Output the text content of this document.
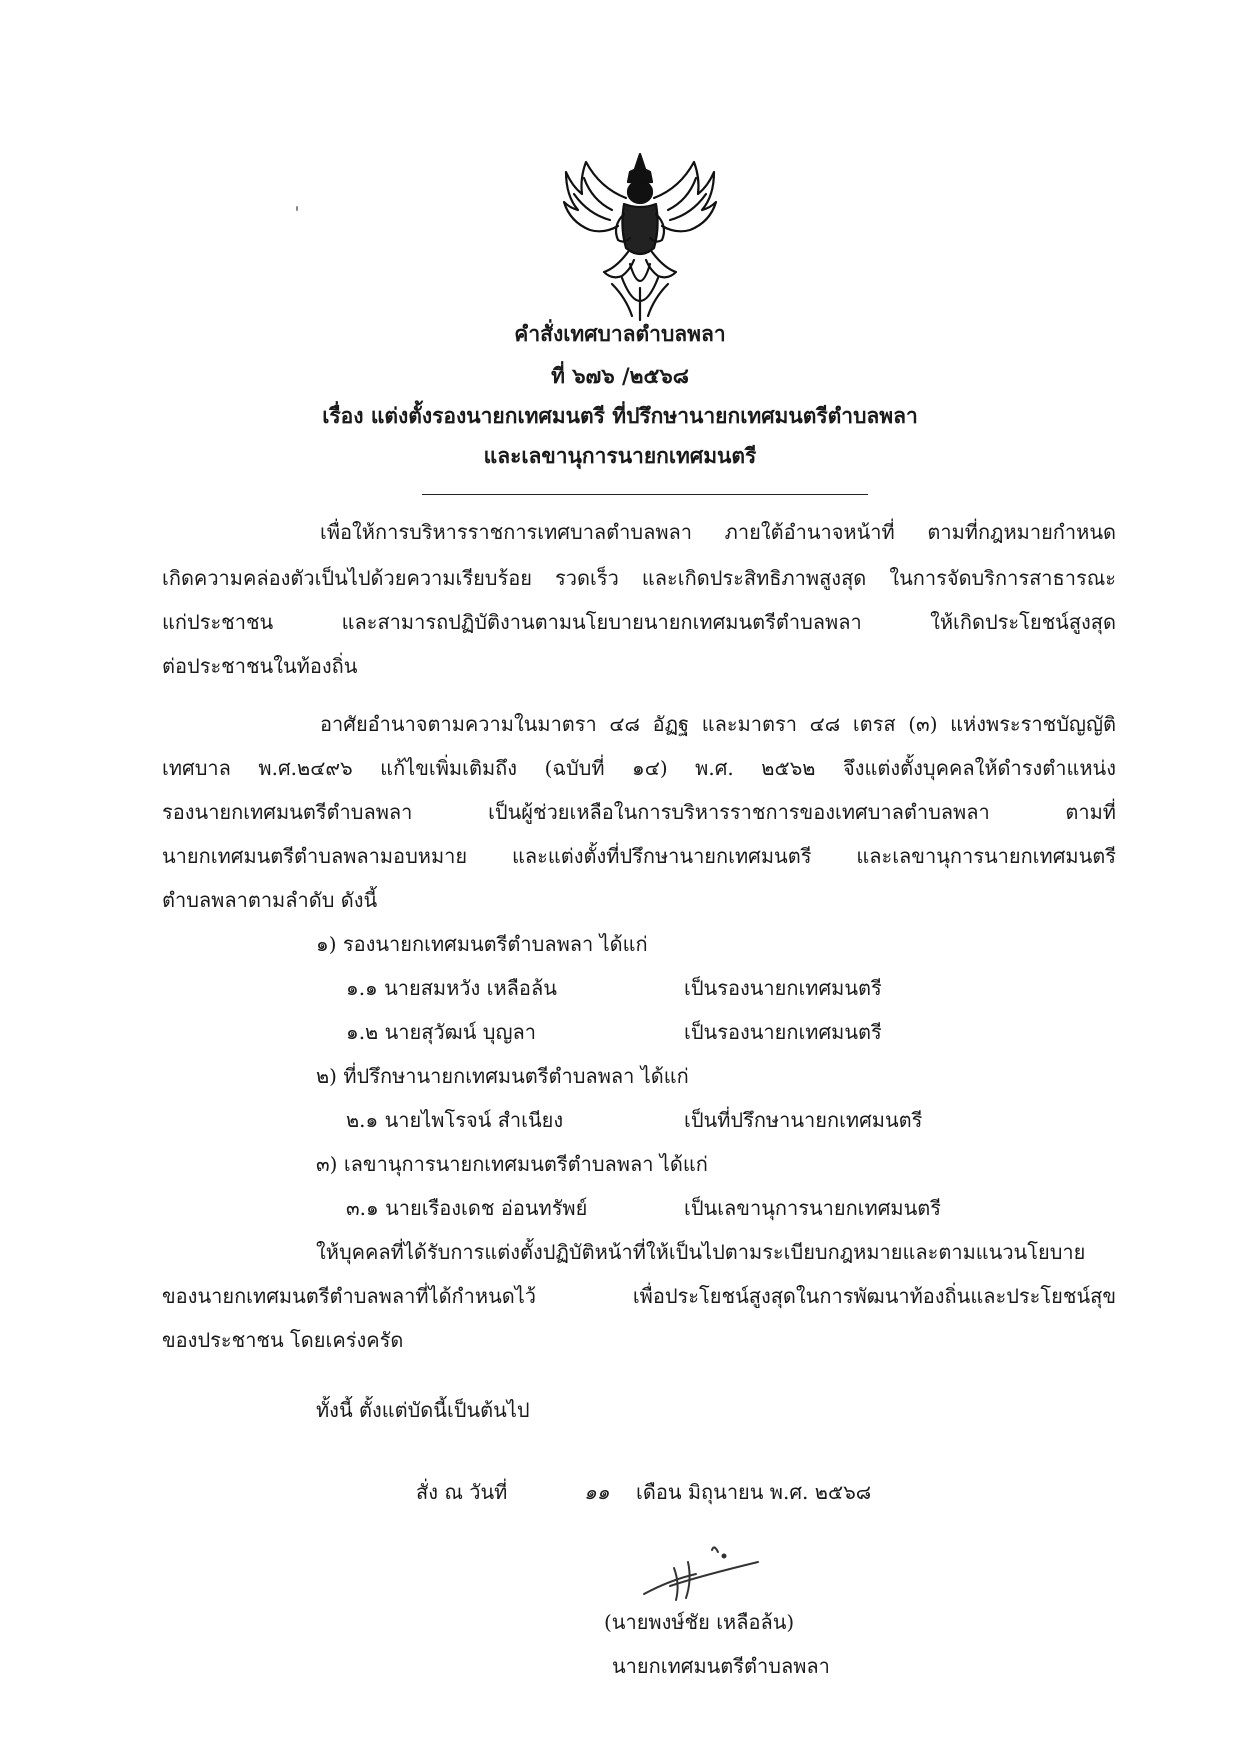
คำสั่งเทศบาลตำบลพลา
ที่ ๖๗๖ /๒๕๖๘
เรื่อง แต่งตั้งรองนายกเทศมนตรี ที่ปรึกษานายกเทศมนตรีตำบลพลา
และเลขานุการนายกเทศมนตรี
เพื่อให้การบริหารราชการเทศบาลตำบลพลา ภายใต้อำนาจหน้าที่ ตามที่กฎหมายกำหนด
เกิดความคล่องตัวเป็นไปด้วยความเรียบร้อย รวดเร็ว และเกิดประสิทธิภาพสูงสุด ในการจัดบริการสาธารณะ
แก่ประชาชน และสามารถปฏิบัติงานตามนโยบายนายกเทศมนตรีตำบลพลา ให้เกิดประโยชน์สูงสุด
ต่อประชาชนในท้องถิ่น
อาศัยอำนาจตามความในมาตรา ๔๘ อัฏฐ และมาตรา ๔๘ เตรส (๓) แห่งพระราชบัญญัติ
เทศบาล พ.ศ.๒๔๙๖ แก้ไขเพิ่มเติมถึง (ฉบับที่ ๑๔) พ.ศ. ๒๕๖๒ จึงแต่งตั้งบุคคลให้ดำรงตำแหน่ง
รองนายกเทศมนตรีตำบลพลา เป็นผู้ช่วยเหลือในการบริหารราชการของเทศบาลตำบลพลา ตามที่
นายกเทศมนตรีตำบลพลามอบหมาย และแต่งตั้งที่ปรึกษานายกเทศมนตรี และเลขานุการนายกเทศมนตรี
ตำบลพลาตามลำดับ ดังนี้
๑) รองนายกเทศมนตรีตำบลพลา ได้แก่
๑.๑ นายสมหวัง เหลือล้น	เป็นรองนายกเทศมนตรี
๑.๒ นายสุวัฒน์ บุญลา	เป็นรองนายกเทศมนตรี
๒) ที่ปรึกษานายกเทศมนตรีตำบลพลา ได้แก่
๒.๑ นายไพโรจน์ สำเนียง	เป็นที่ปรึกษานายกเทศมนตรี
๓) เลขานุการนายกเทศมนตรีตำบลพลา ได้แก่
๓.๑ นายเรืองเดช อ่อนทรัพย์	เป็นเลขานุการนายกเทศมนตรี
ให้บุคคลที่ได้รับการแต่งตั้งปฏิบัติหน้าที่ให้เป็นไปตามระเบียบกฎหมายและตามแนวนโยบาย
ของนายกเทศมนตรีตำบลพลาที่ได้กำหนดไว้ เพื่อประโยชน์สูงสุดในการพัฒนาท้องถิ่นและประโยชน์สุข
ของประชาชน โดยเคร่งครัด
ทั้งนี้ ตั้งแต่บัดนี้เป็นต้นไป
สั่ง ณ วันที่	๑๑ เดือน มิถุนายน พ.ศ. ๒๕๖๘
(นายพงษ์ชัย เหลือล้น)
นายกเทศมนตรีตำบลพลา
